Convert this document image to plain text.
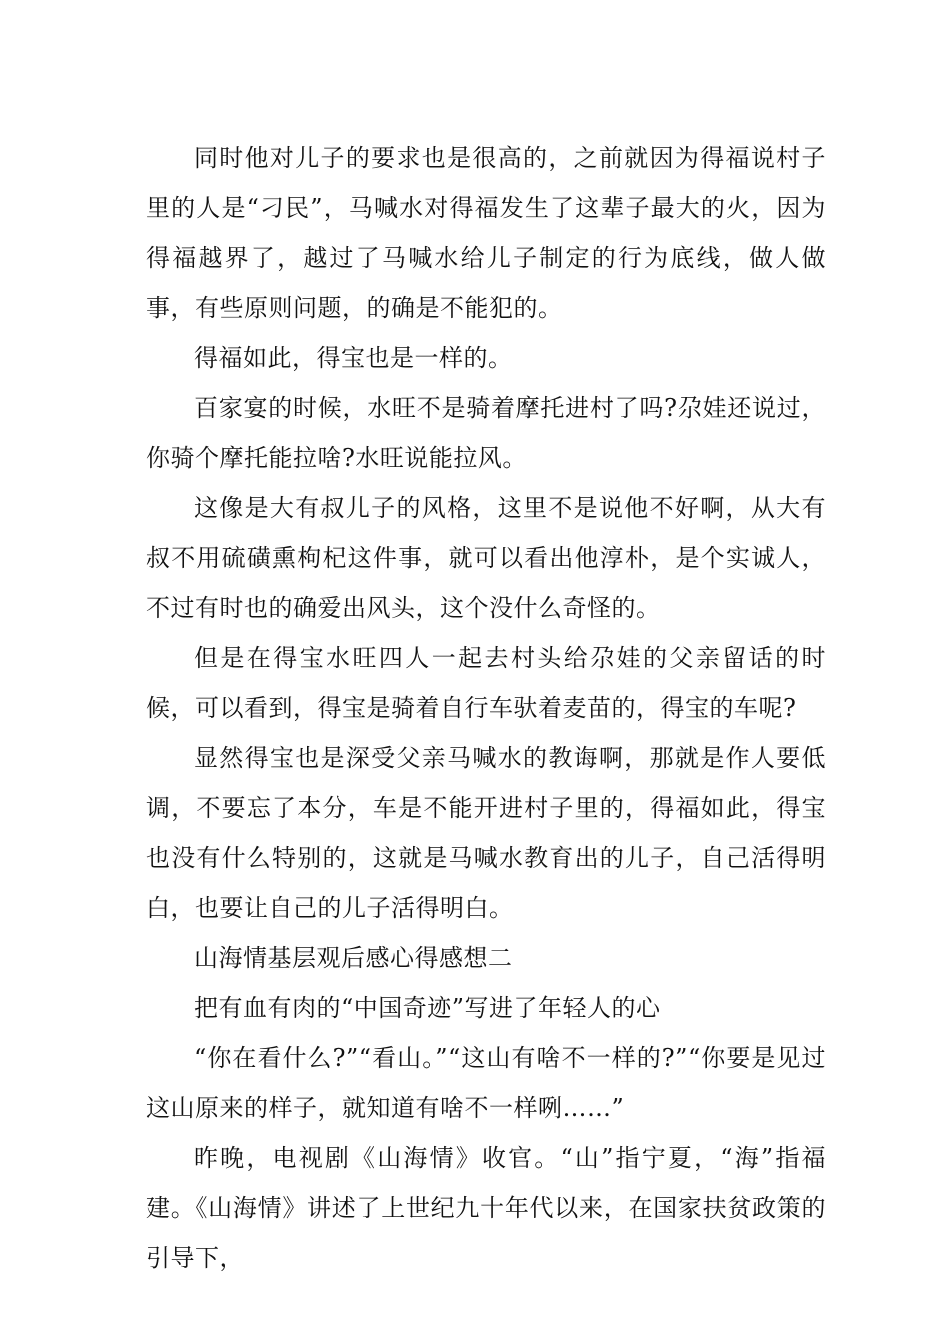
同时他对儿子的要求也是很高的，之前就因为得福说村子里的人是“刁民”，马喊水对得福发生了这辈子最大的火，因为得福越界了，越过了马喊水给儿子制定的行为底线，做人做事，有些原则问题，的确是不能犯的。

得福如此，得宝也是一样的。

百家宴的时候，水旺不是骑着摩托进村了吗?尕娃还说过，你骑个摩托能拉啥?水旺说能拉风。

这像是大有叔儿子的风格，这里不是说他不好啊，从大有叔不用硫磺熏枸杞这件事，就可以看出他淳朴，是个实诚人，不过有时也的确爱出风头，这个没什么奇怪的。

但是在得宝水旺四人一起去村头给尕娃的父亲留话的时候，可以看到，得宝是骑着自行车驮着麦苗的，得宝的车呢?

显然得宝也是深受父亲马喊水的教诲啊，那就是作人要低调，不要忘了本分，车是不能开进村子里的，得福如此，得宝也没有什么特别的，这就是马喊水教育出的儿子，自己活得明白，也要让自己的儿子活得明白。

山海情基层观后感心得感想二

把有血有肉的“中国奇迹”写进了年轻人的心

“你在看什么?”“看山。”“这山有啥不一样的?”“你要是见过这山原来的样子，就知道有啥不一样咧……”

昨晚，电视剧《山海情》收官。“山”指宁夏，“海”指福建。《山海情》讲述了上世纪九十年代以来，在国家扶贫政策的引导下，
